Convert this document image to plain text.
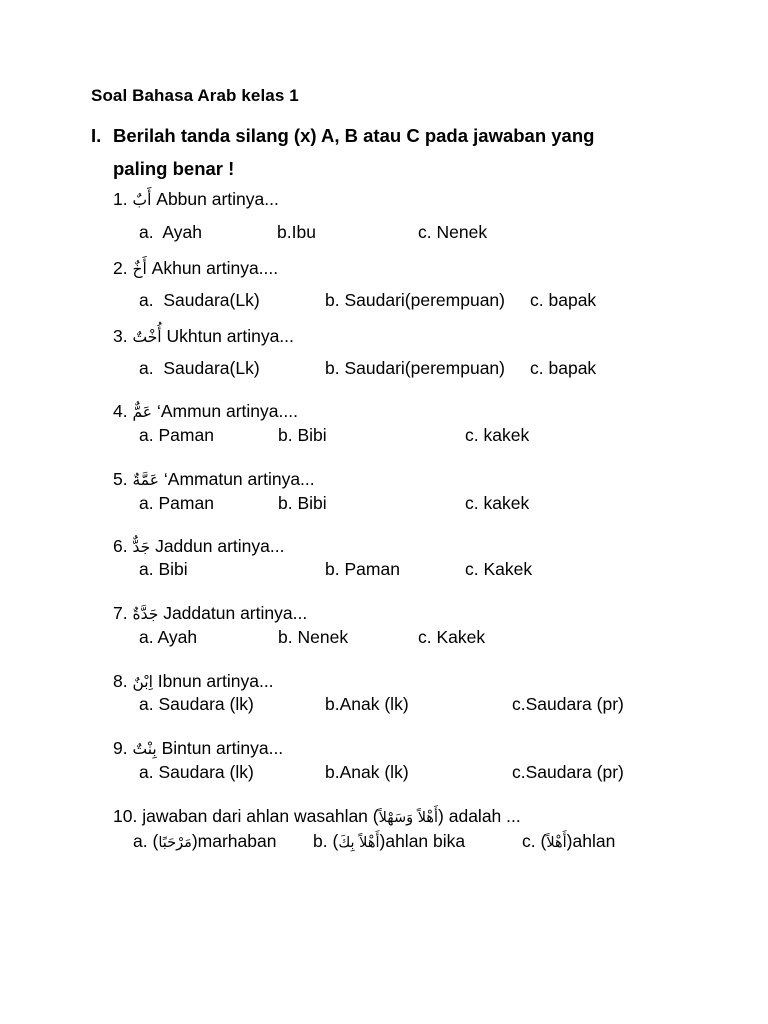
Soal Bahasa Arab kelas 1
I. Berilah tanda silang (x) A, B atau C pada jawaban yang
paling benar !
1. أَبٌ Abbun artinya...
a. Ayah	b.Ibu	c. Nenek
2. أَخٌ Akhun artinya....
a. Saudara(Lk)	b. Saudari(perempuan) c. bapak
3. أُخْتٌ Ukhtun artinya...
a. Saudara(Lk)	b. Saudari(perempuan) c. bapak
4. عَمٌّ ‘Ammun artinya....
a. Paman	b. Bibi	c. kakek
5. عَمَّةٌ ‘Ammatun artinya...
a. Paman	b. Bibi	c. kakek
6. جَدٌّ Jaddun artinya...
a. Bibi	b. Paman	c. Kakek
7. جَدَّةٌ Jaddatun artinya...
a. Ayah	b. Nenek	c. Kakek
8. اِبْنٌ Ibnun artinya...
a. Saudara (lk)	b.Anak (lk)	c.Saudara (pr)
9. بِنْتٌ Bintun artinya...
a. Saudara (lk)	b.Anak (lk)	c.Saudara (pr)
10. jawaban dari ahlan wasahlan (أَهْلاً وَسَهْلاً) adalah ...
a. (مَرْحَبًا)marhaban b. (أَهْلاً بِكَ)ahlan bika	c. (أَهْلاً)ahlan
